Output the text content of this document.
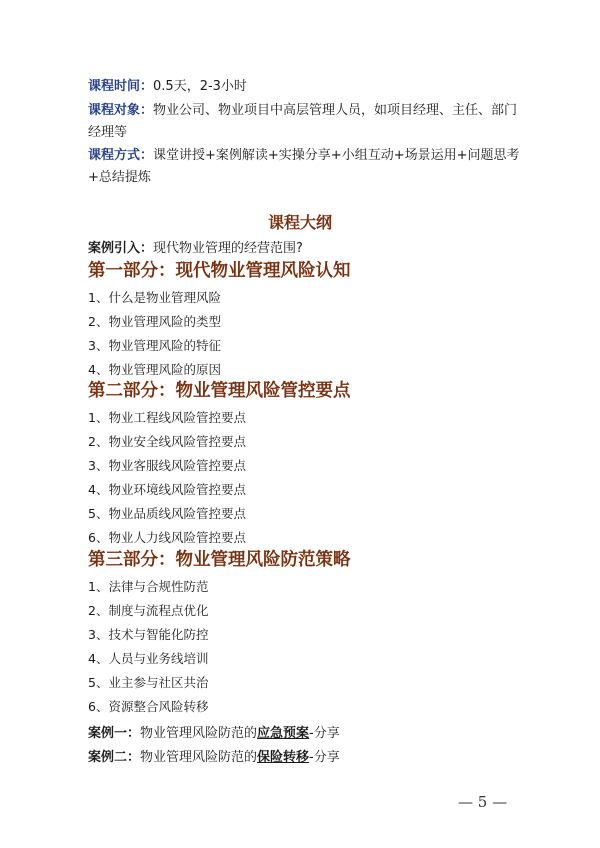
课程时间：0.5天，2-3小时
课程对象：物业公司、物业项目中高层管理人员，如项目经理、主任、部门经理等
课程方式：课堂讲授+案例解读+实操分享+小组互动+场景运用+问题思考+总结提炼
课程大纲
案例引入：现代物业管理的经营范围?
第一部分：现代物业管理风险认知
1、什么是物业管理风险
2、物业管理风险的类型
3、物业管理风险的特征
4、物业管理风险的原因
第二部分：物业管理风险管控要点
1、物业工程线风险管控要点
2、物业安全线风险管控要点
3、物业客服线风险管控要点
4、物业环境线风险管控要点
5、物业品质线风险管控要点
6、物业人力线风险管控要点
第三部分：物业管理风险防范策略
1、法律与合规性防范
2、制度与流程点优化
3、技术与智能化防控
4、人员与业务线培训
5、业主参与社区共治
6、资源整合风险转移
案例一：物业管理风险防范的应急预案-分享
案例二：物业管理风险防范的保险转移-分享
— 5 —
